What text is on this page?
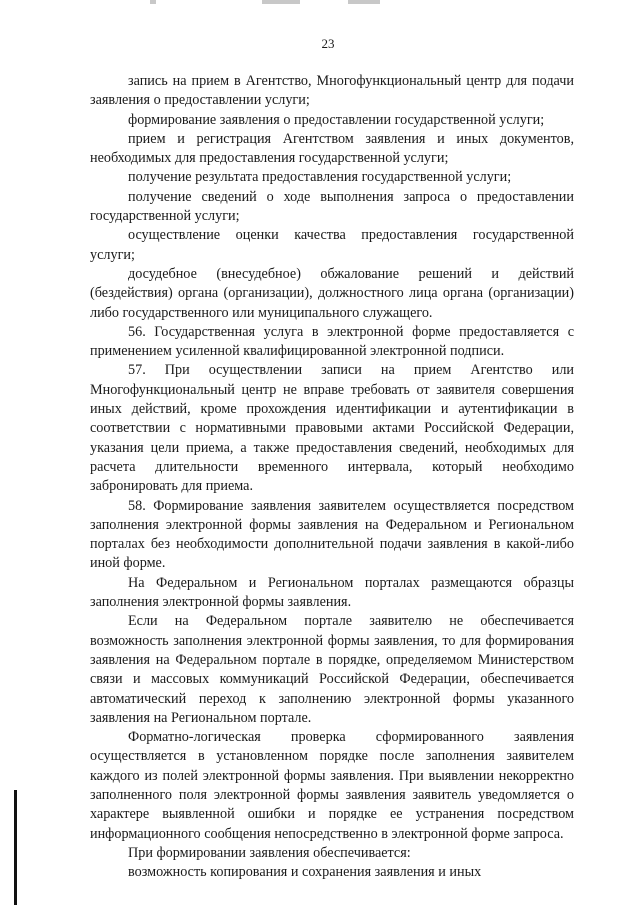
23

запись на прием в Агентство, Многофункциональный центр для подачи заявления о предоставлении услуги;

формирование заявления о предоставлении государственной услуги;

прием и регистрация Агентством заявления и иных документов, необходимых для предоставления государственной услуги;

получение результата предоставления государственной услуги;

получение сведений о ходе выполнения запроса о предоставлении государственной услуги;

осуществление оценки качества предоставления государственной услуги;

досудебное (внесудебное) обжалование решений и действий (бездействия) органа (организации), должностного лица органа (организации) либо государственного или муниципального служащего.

56. Государственная услуга в электронной форме предоставляется с применением усиленной квалифицированной электронной подписи.

57. При осуществлении записи на прием Агентство или Многофункциональный центр не вправе требовать от заявителя совершения иных действий, кроме прохождения идентификации и аутентификации в соответствии с нормативными правовыми актами Российской Федерации, указания цели приема, а также предоставления сведений, необходимых для расчета длительности временного интервала, который необходимо забронировать для приема.

58. Формирование заявления заявителем осуществляется посредством заполнения электронной формы заявления на Федеральном и Региональном порталах без необходимости дополнительной подачи заявления в какой-либо иной форме.

На Федеральном и Региональном порталах размещаются образцы заполнения электронной формы заявления.

Если на Федеральном портале заявителю не обеспечивается возможность заполнения электронной формы заявления, то для формирования заявления на Федеральном портале в порядке, определяемом Министерством связи и массовых коммуникаций Российской Федерации, обеспечивается автоматический переход к заполнению электронной формы указанного заявления на Региональном портале.

Форматно-логическая проверка сформированного заявления осуществляется в установленном порядке после заполнения заявителем каждого из полей электронной формы заявления. При выявлении некорректно заполненного поля электронной формы заявления заявитель уведомляется о характере выявленной ошибки и порядке ее устранения посредством информационного сообщения непосредственно в электронной форме запроса.

При формировании заявления обеспечивается:

возможность копирования и сохранения заявления и иных
